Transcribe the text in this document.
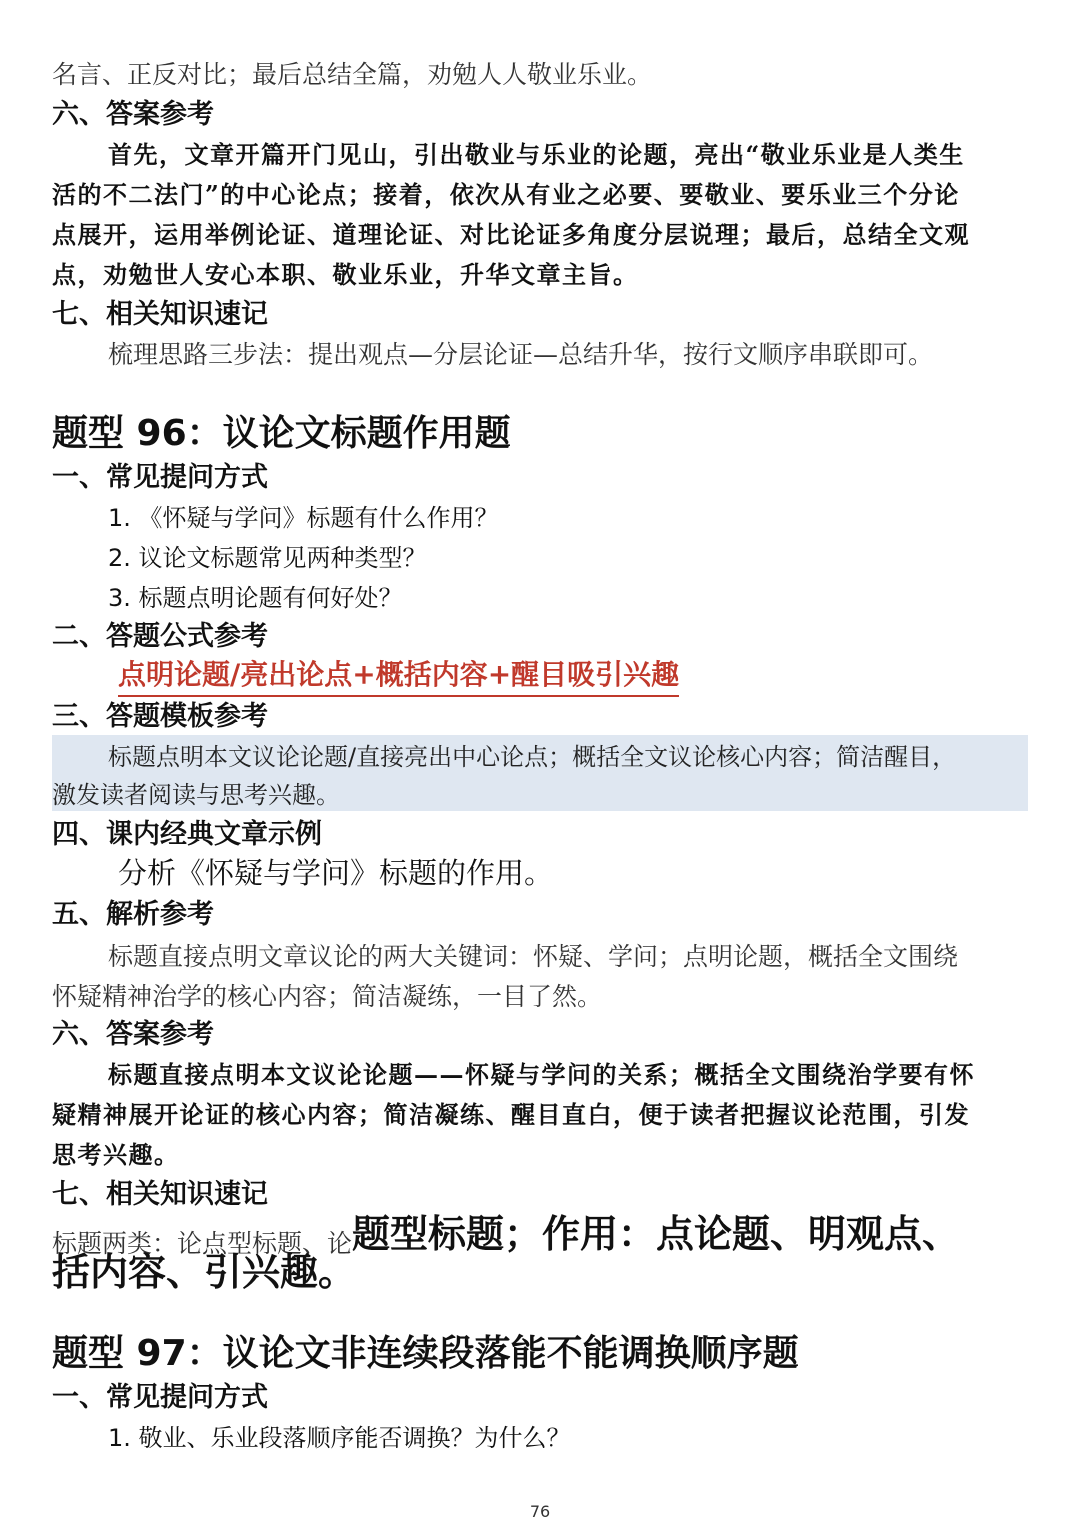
名言、正反对比；最后总结全篇，劝勉人人敬业乐业。
六、答案参考
首先，文章开篇开门见山，引出敬业与乐业的论题，亮出“敬业乐业是人类生
活的不二法门”的中心论点；接着，依次从有业之必要、要敬业、要乐业三个分论
点展开，运用举例论证、道理论证、对比论证多角度分层说理；最后，总结全文观
点，劝勉世人安心本职、敬业乐业，升华文章主旨。
七、相关知识速记
梳理思路三步法：提出观点—分层论证—总结升华，按行文顺序串联即可。
题型 96：议论文标题作用题
一、常见提问方式
1. 《怀疑与学问》标题有什么作用？
2. 议论文标题常见两种类型？
3. 标题点明论题有何好处？
二、答题公式参考
点明论题/亮出论点+概括内容+醒目吸引兴趣
三、答题模板参考
标题点明本文议论论题/直接亮出中心论点；概括全文议论核心内容；简洁醒目，
激发读者阅读与思考兴趣。
四、课内经典文章示例
分析《怀疑与学问》标题的作用。
五、解析参考
标题直接点明文章议论的两大关键词：怀疑、学问；点明论题，概括全文围绕
怀疑精神治学的核心内容；简洁凝练，一目了然。
六、答案参考
标题直接点明本文议论论题——怀疑与学问的关系；概括全文围绕治学要有怀
疑精神展开论证的核心内容；简洁凝练、醒目直白，便于读者把握议论范围，引发
思考兴趣。
七、相关知识速记
标题两类：论点型标题、论题型标题；作用：点论题、明观点、
括内容、引兴趣。
题型 97：议论文非连续段落能不能调换顺序题
一、常见提问方式
1. 敬业、乐业段落顺序能否调换？为什么？
76
